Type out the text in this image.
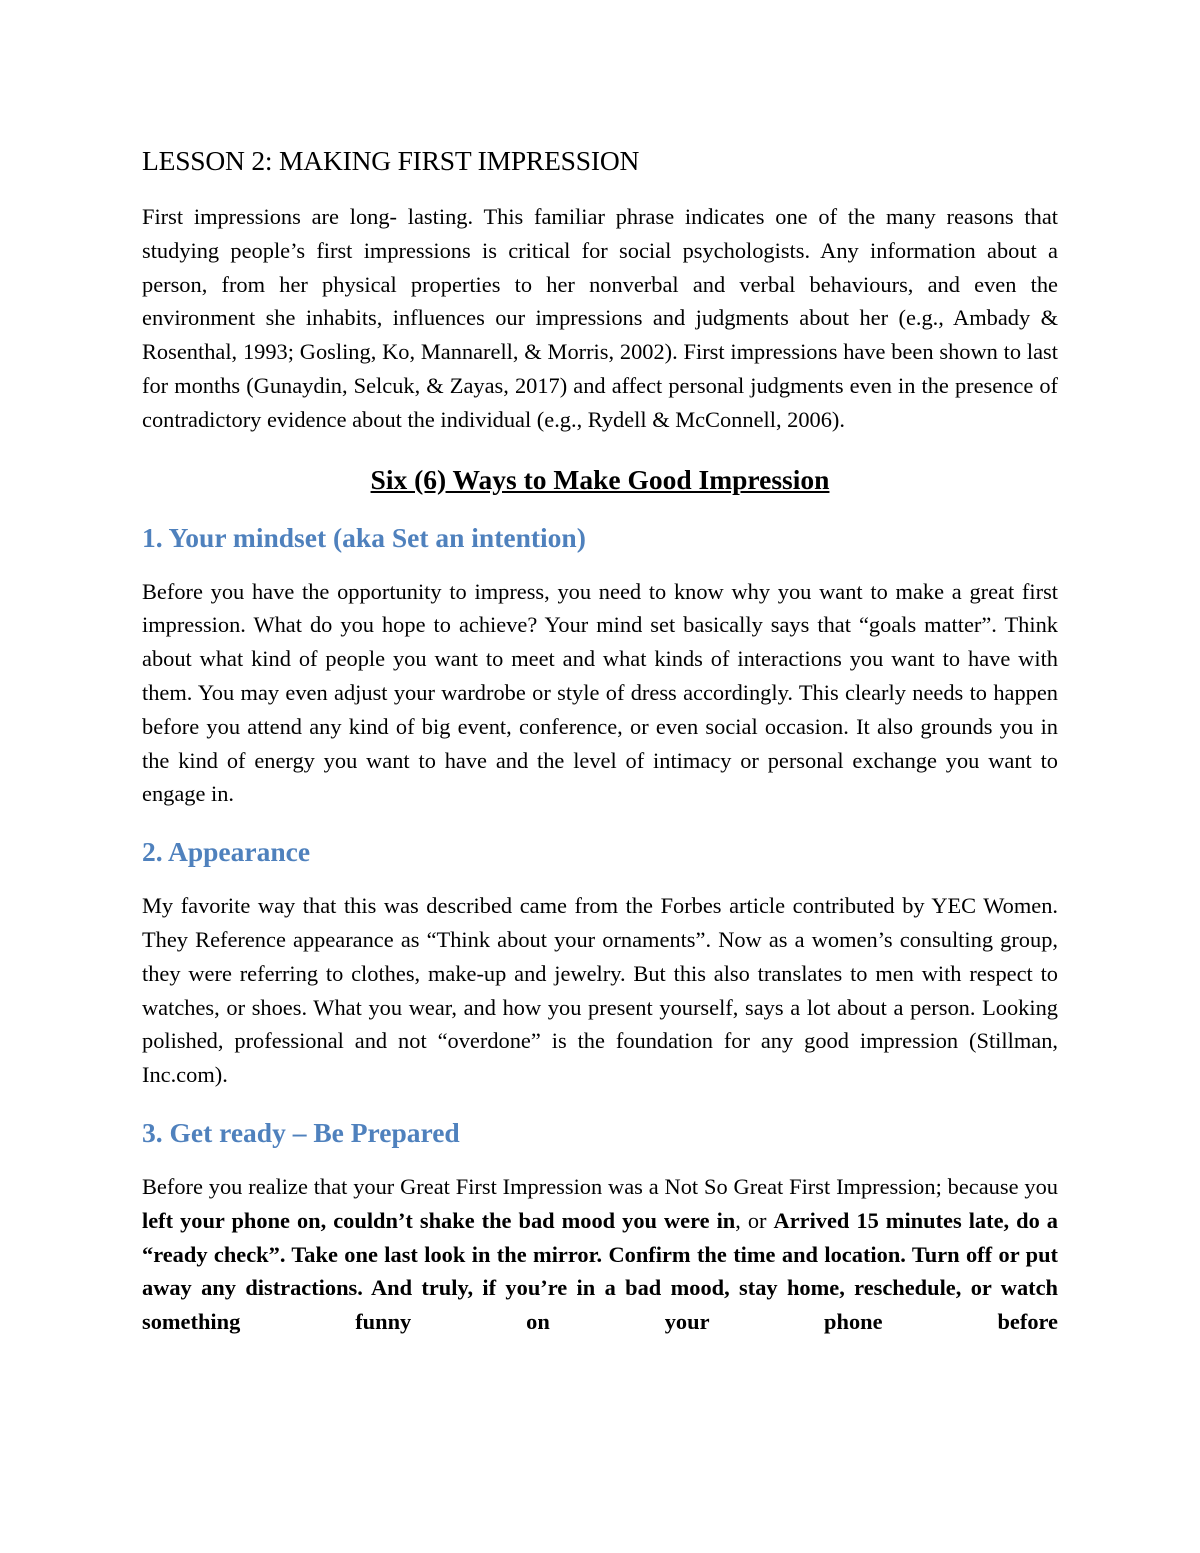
LESSON 2: MAKING FIRST IMPRESSION

First impressions are long- lasting. This familiar phrase indicates one of the many reasons that studying people’s first impressions is critical for social psychologists. Any information about a person, from her physical properties to her nonverbal and verbal behaviours, and even the environment she inhabits, influences our impressions and judgments about her (e.g., Ambady & Rosenthal, 1993; Gosling, Ko, Mannarell, & Morris, 2002). First impressions have been shown to last for months (Gunaydin, Selcuk, & Zayas, 2017) and affect personal judgments even in the presence of contradictory evidence about the individual (e.g., Rydell & McConnell, 2006).

Six (6) Ways to Make Good Impression
1. Your mindset (aka Set an intention)

Before you have the opportunity to impress, you need to know why you want to make a great first impression. What do you hope to achieve? Your mind set basically says that “goals matter”. Think about what kind of people you want to meet and what kinds of interactions you want to have with them. You may even adjust your wardrobe or style of dress accordingly. This clearly needs to happen before you attend any kind of big event, conference, or even social occasion. It also grounds you in the kind of energy you want to have and the level of intimacy or personal exchange you want to engage in.

2. Appearance

My favorite way that this was described came from the Forbes article contributed by YEC Women. They Reference appearance as “Think about your ornaments”. Now as a women’s consulting group, they were referring to clothes, make-up and jewelry. But this also translates to men with respect to watches, or shoes. What you wear, and how you present yourself, says a lot about a person. Looking polished, professional and not “overdone” is the foundation for any good impression (Stillman, Inc.com).

3. Get ready – Be Prepared

Before you realize that your Great First Impression was a Not So Great First Impression; because you left your phone on, couldn’t shake the bad mood you were in, or Arrived 15 minutes late, do a “ready check”. Take one last look in the mirror. Confirm the time and location. Turn off or put away any distractions. And truly, if you’re in a bad mood, stay home, reschedule, or watch something funny on your phone before
